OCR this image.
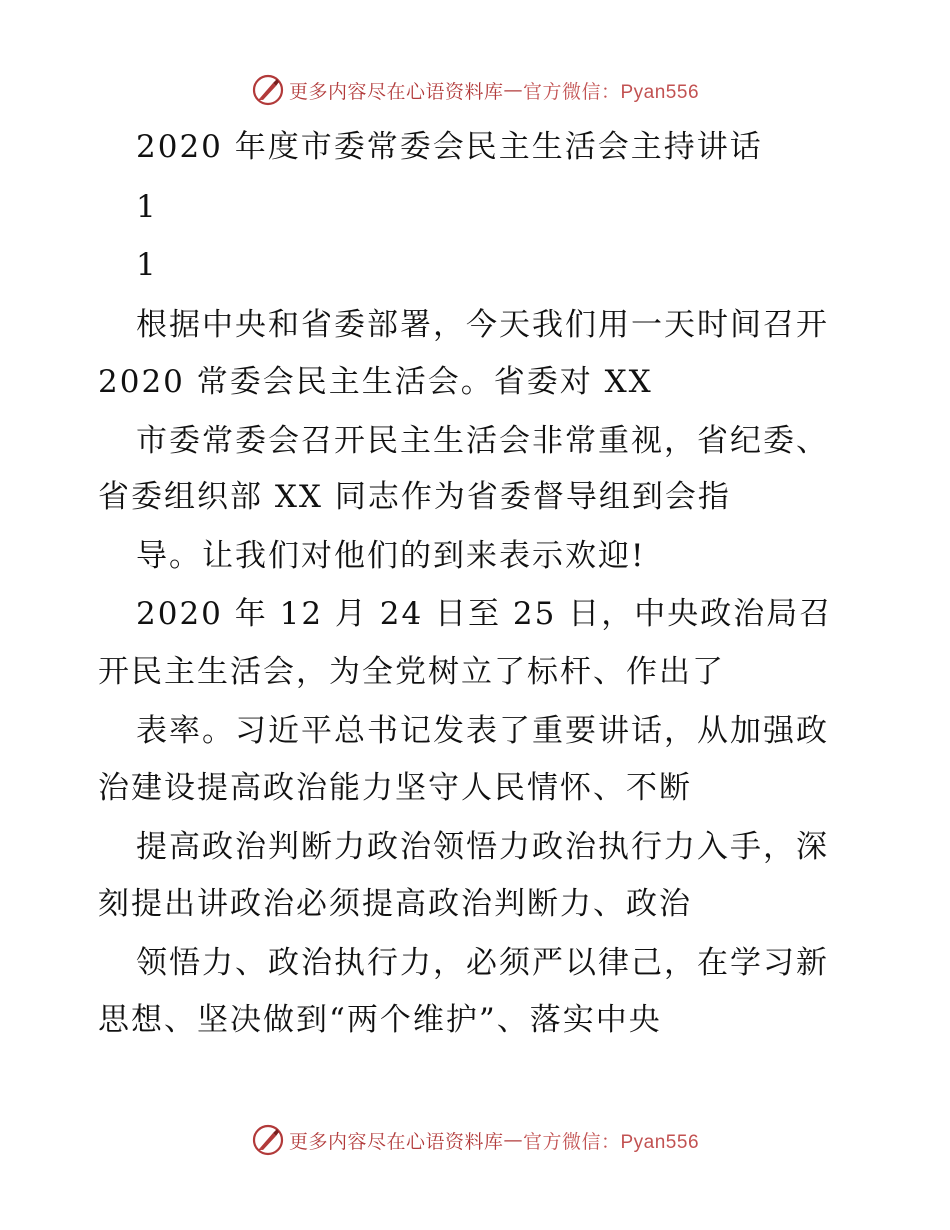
更多内容尽在心语资料库 — 官方微信：Pyan556
2020 年度市委常委会民主生活会主持讲话
1
1
根据中央和省委部署，今天我们用一天时间召开
2020 常委会民主生活会。省委对 XX
市委常委会召开民主生活会非常重视，省纪委、
省委组织部 XX 同志作为省委督导组到会指
导。让我们对他们的到来表示欢迎!
2020 年 12 月 24 日至 25 日，中央政治局召
开民主生活会，为全党树立了标杆、作出了
表率。习近平总书记发表了重要讲话，从加强政
治建设提高政治能力坚守人民情怀、不断
提高政治判断力政治领悟力政治执行力入手，深
刻提出讲政治必须提高政治判断力、政治
领悟力、政治执行力，必须严以律己，在学习新
思想、坚决做到“两个维护”、落实中央
更多内容尽在心语资料库 — 官方微信：Pyan556
